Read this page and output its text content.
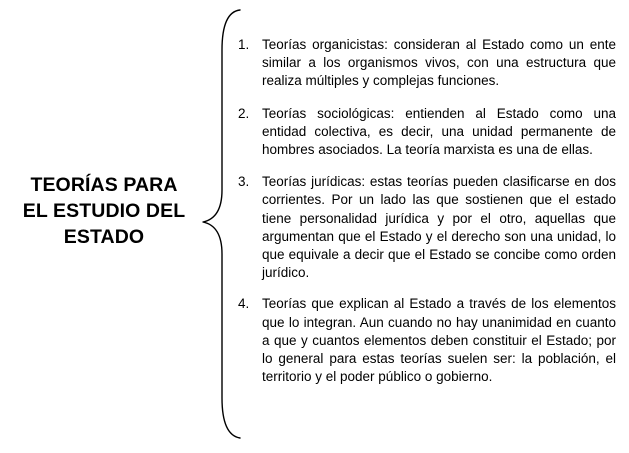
TEORÍAS PARA
EL ESTUDIO DEL
ESTADO
1. Teorías organicistas: consideran al Estado como un ente similar a los organismos vivos, con una estructura que realiza múltiples y complejas funciones.
2. Teorías sociológicas: entienden al Estado como una entidad colectiva, es decir, una unidad permanente de hombres asociados. La teoría marxista es una de ellas.
3. Teorías jurídicas: estas teorías pueden clasificarse en dos corrientes. Por un lado las que sostienen que el estado tiene personalidad jurídica y por el otro, aquellas que argumentan que el Estado y el derecho son una unidad, lo que equivale a decir que el Estado se concibe como orden jurídico.
4. Teorías que explican al Estado a través de los elementos que lo integran. Aun cuando no hay unanimidad en cuanto a que y cuantos elementos deben constituir el Estado; por lo general para estas teorías suelen ser: la población, el territorio y el poder público o gobierno.
